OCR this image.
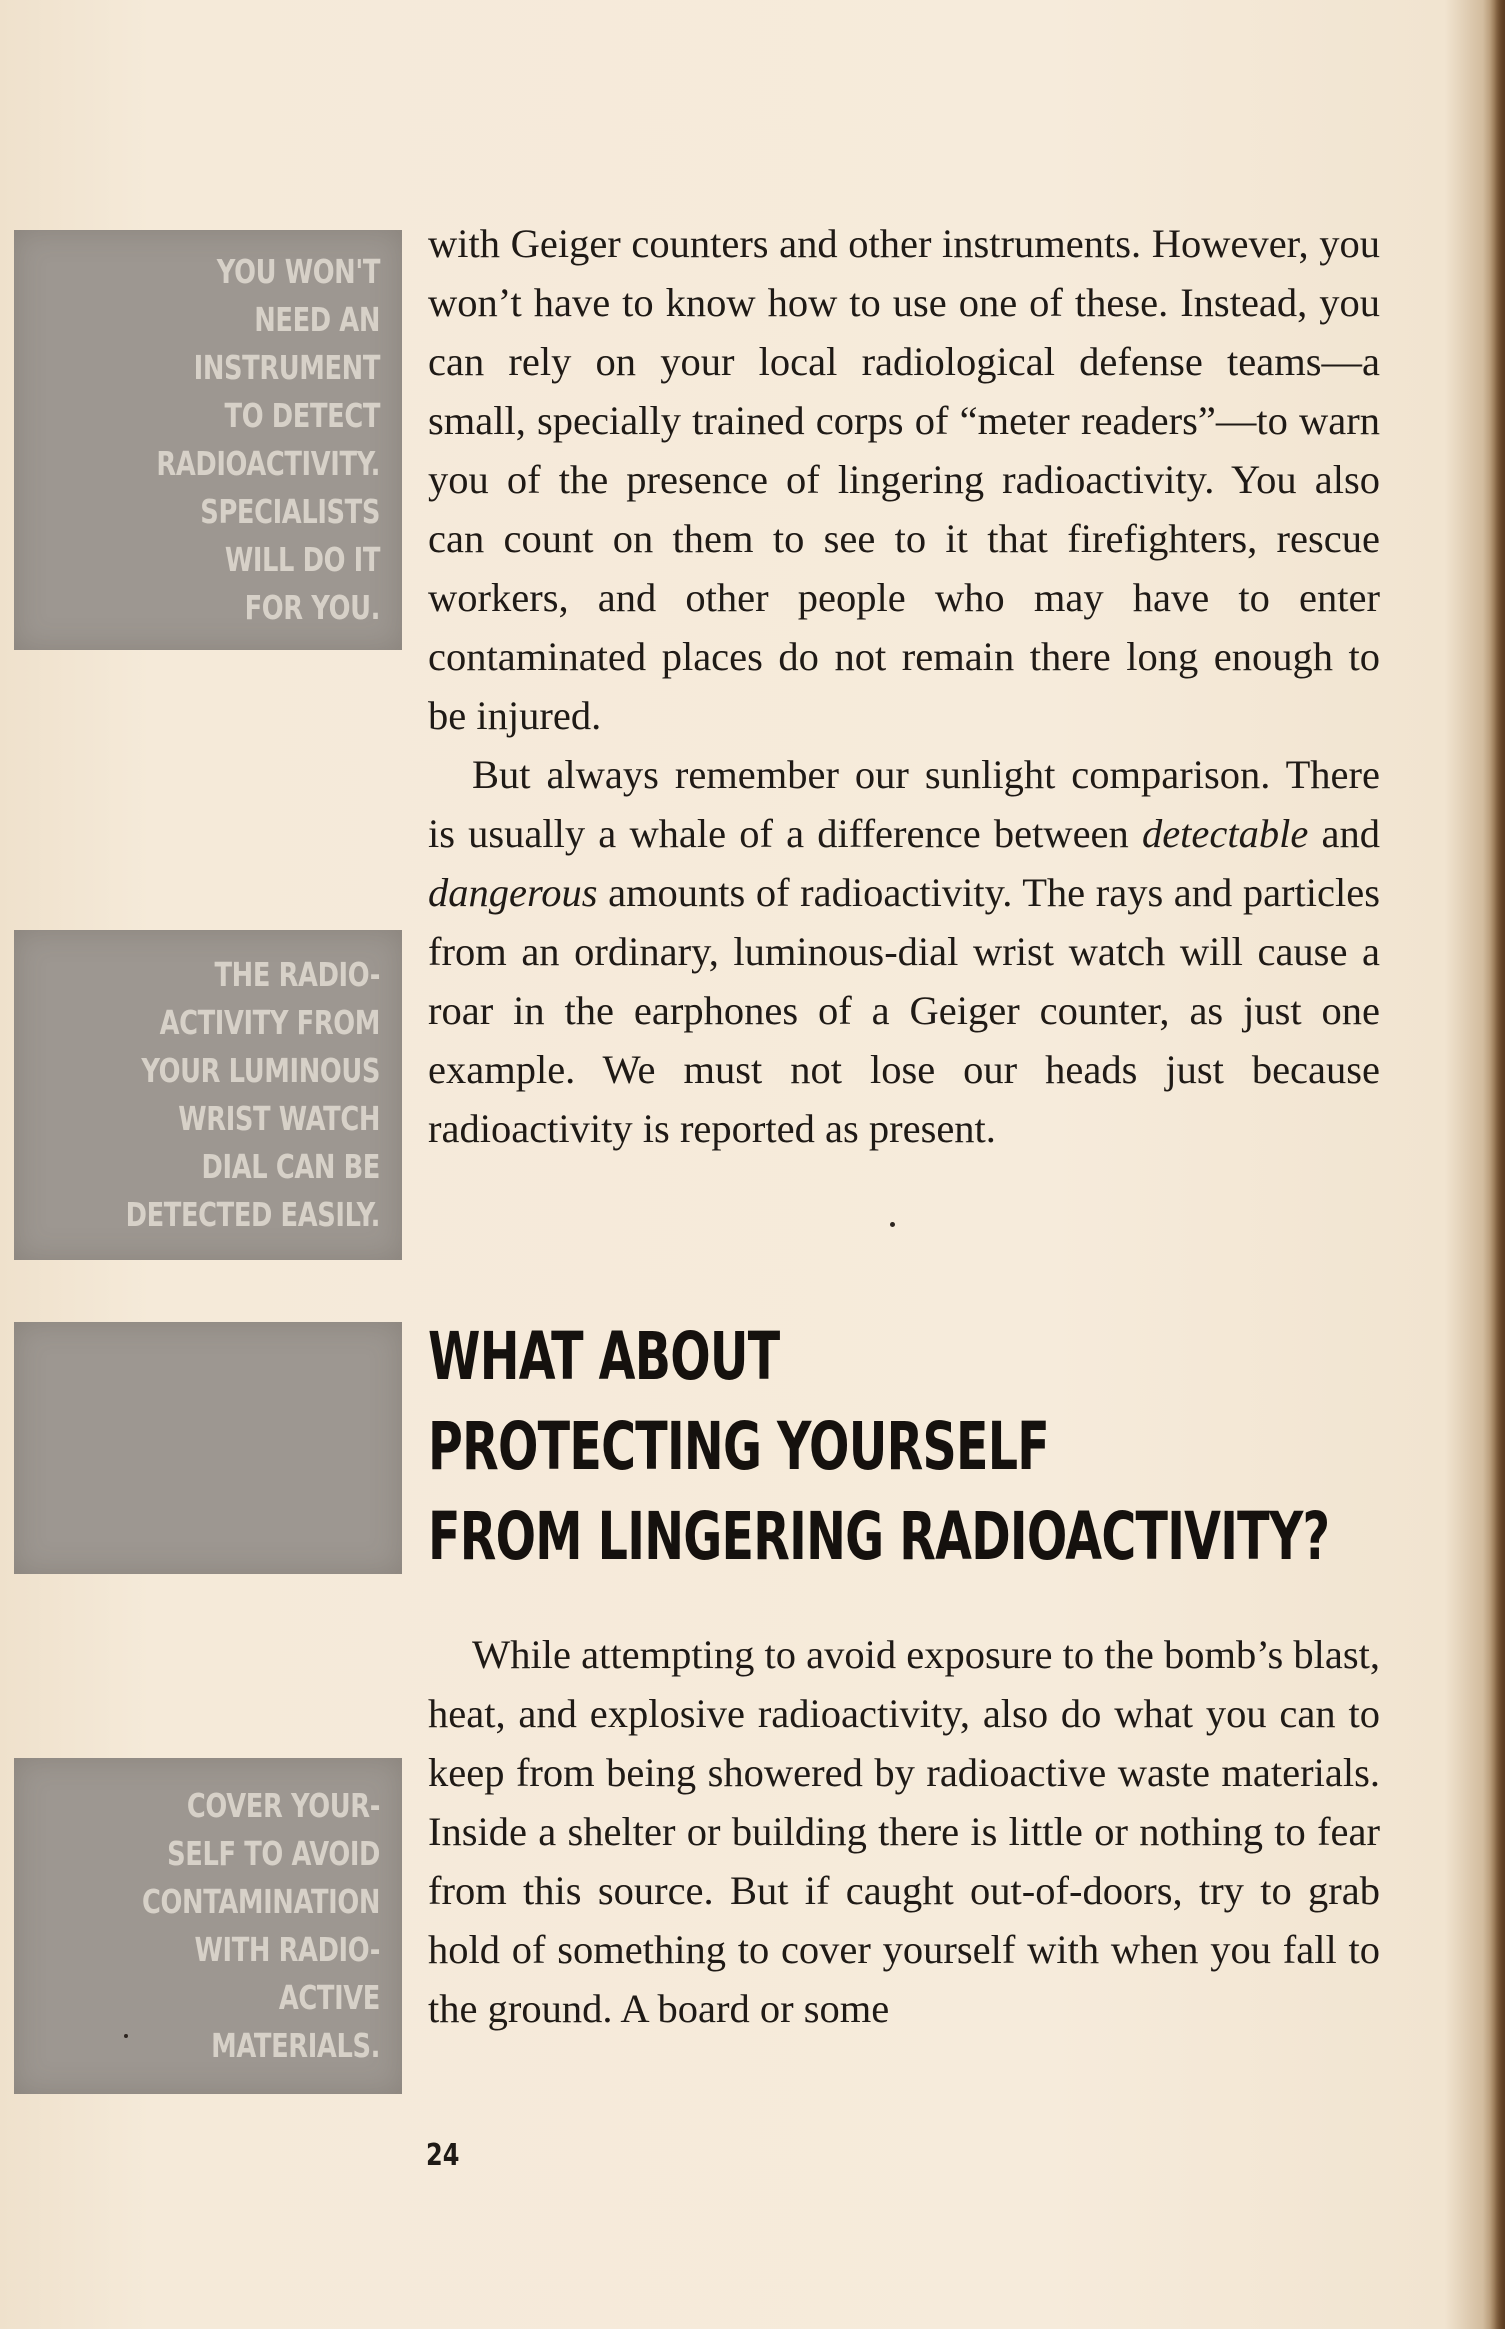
YOU WON'T
NEED AN
INSTRUMENT
TO DETECT
RADIOACTIVITY.
SPECIALISTS
WILL DO IT
FOR YOU.
THE RADIO-
ACTIVITY FROM
YOUR LUMINOUS
WRIST WATCH
DIAL CAN BE
DETECTED EASILY.
COVER YOUR-
SELF TO AVOID
CONTAMINATION
WITH RADIO-
ACTIVE
MATERIALS.

with Geiger counters and other instruments. However, you won’t have to know how to use one of these. Instead, you can rely on your local radiological defense teams—a small, specially trained corps of “meter readers”—to warn you of the presence of lingering radioactivity. You also can count on them to see to it that firefighters, rescue workers, and other people who may have to enter contaminated places do not remain there long enough to be injured.

But always remember our sunlight comparison. There is usually a whale of a difference between detectable and dangerous amounts of radioactivity. The rays and particles from an ordinary, luminous-dial wrist watch will cause a roar in the earphones of a Geiger counter, as just one example. We must not lose our heads just because radioactivity is reported as present.

WHAT ABOUT
PROTECTING YOURSELF
FROM LINGERING RADIOACTIVITY?

While attempting to avoid exposure to the bomb’s blast, heat, and explosive radioactivity, also do what you can to keep from being showered by radioactive waste materials. Inside a shelter or building there is little or nothing to fear from this source. But if caught out-of-doors, try to grab hold of something to cover yourself with when you fall to the ground. A board or some

24
